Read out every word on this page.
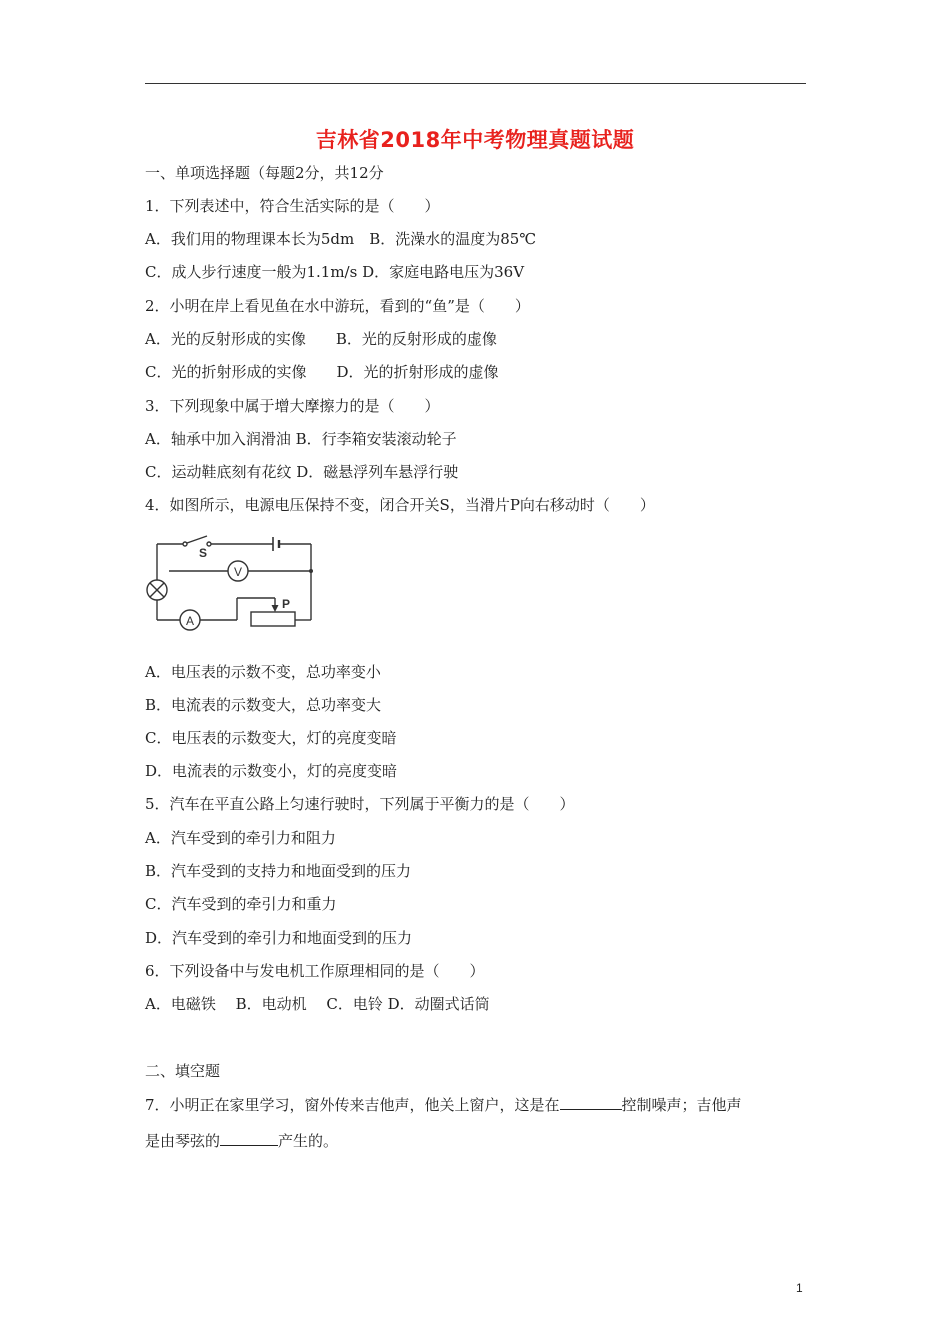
吉林省2018年中考物理真题试题
一、单项选择题（每题2分，共12分
1．下列表述中，符合生活实际的是（　　）
A．我们用的物理课本长为5dm　B．洗澡水的温度为85℃
C．成人步行速度一般为1.1m/s D．家庭电路电压为36V
2．小明在岸上看见鱼在水中游玩，看到的“鱼”是（　　）
A．光的反射形成的实像　　B．光的反射形成的虚像
C．光的折射形成的实像　　D．光的折射形成的虚像
3．下列现象中属于增大摩擦力的是（　　）
A．轴承中加入润滑油 B．行李箱安装滚动轮子
C．运动鞋底刻有花纹 D．磁悬浮列车悬浮行驶
4．如图所示，电源电压保持不变，闭合开关S，当滑片P向右移动时（　　）
S
V
A
P
A．电压表的示数不变，总功率变小
B．电流表的示数变大，总功率变大
C．电压表的示数变大，灯的亮度变暗
D．电流表的示数变小，灯的亮度变暗
5．汽车在平直公路上匀速行驶时，下列属于平衡力的是（　　）
A．汽车受到的牵引力和阻力
B．汽车受到的支持力和地面受到的压力
C．汽车受到的牵引力和重力
D．汽车受到的牵引力和地面受到的压力
6．下列设备中与发电机工作原理相同的是（　　）
A．电磁铁　 B．电动机　 C．电铃 D．动圈式话筒
二、填空题
7．小明正在家里学习，窗外传来吉他声，他关上窗户，这是在	控制噪声；吉他声
是由琴弦的	产生的。
1
